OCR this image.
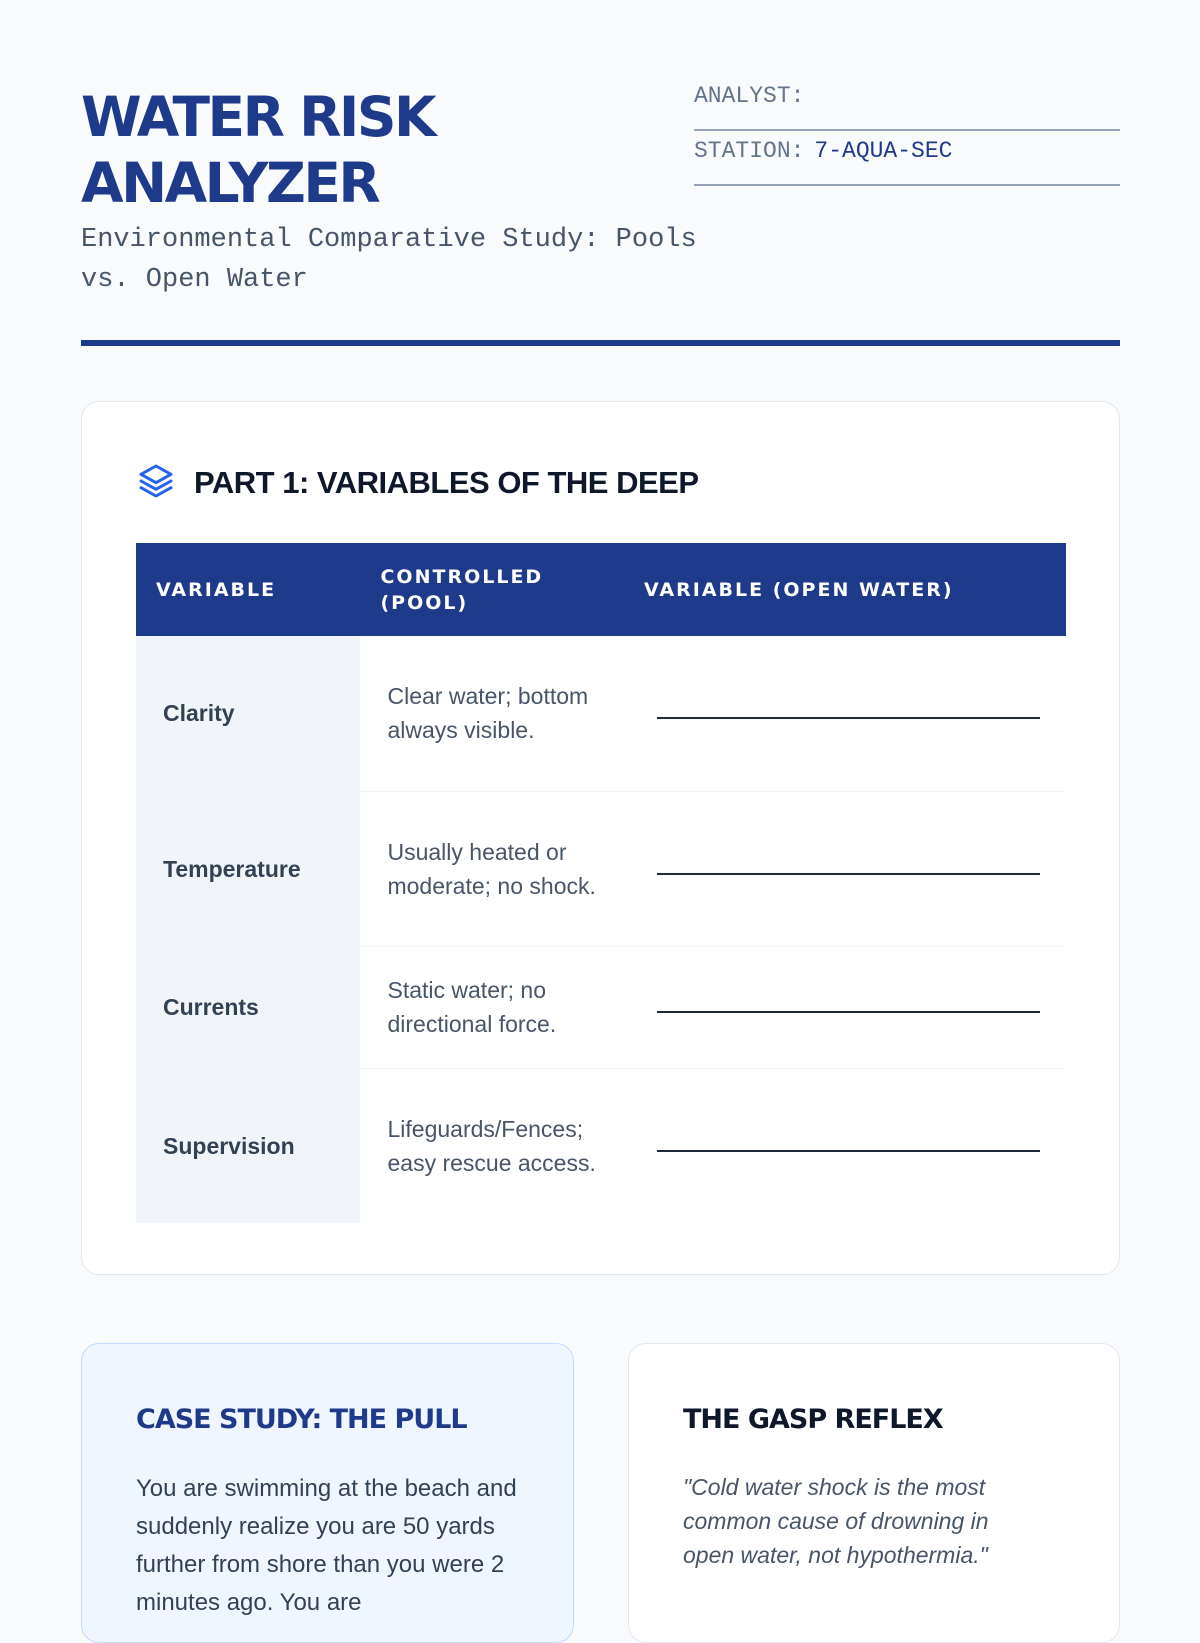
WATER RISK ANALYZER

Environmental Comparative Study: Pools vs. Open Water

ANALYST:
STATION: 7-AQUA-SEC
PART 1: VARIABLES OF THE DEEP
VARIABLE	CONTROLLED (POOL)	VARIABLE (OPEN WATER)
Clarity	Clear water; bottom always visible.	

Temperature	Usually heated or moderate; no shock.	

Currents	Static water; no directional force.	

Supervision	Lifeguards/Fences; easy rescue access.	
CASE STUDY: THE PULL

You are swimming at the beach and suddenly realize you are 50 yards further from shore than you were 2 minutes ago. You are

THE GASP REFLEX

"Cold water shock is the most common cause of drowning in open water, not hypothermia."
